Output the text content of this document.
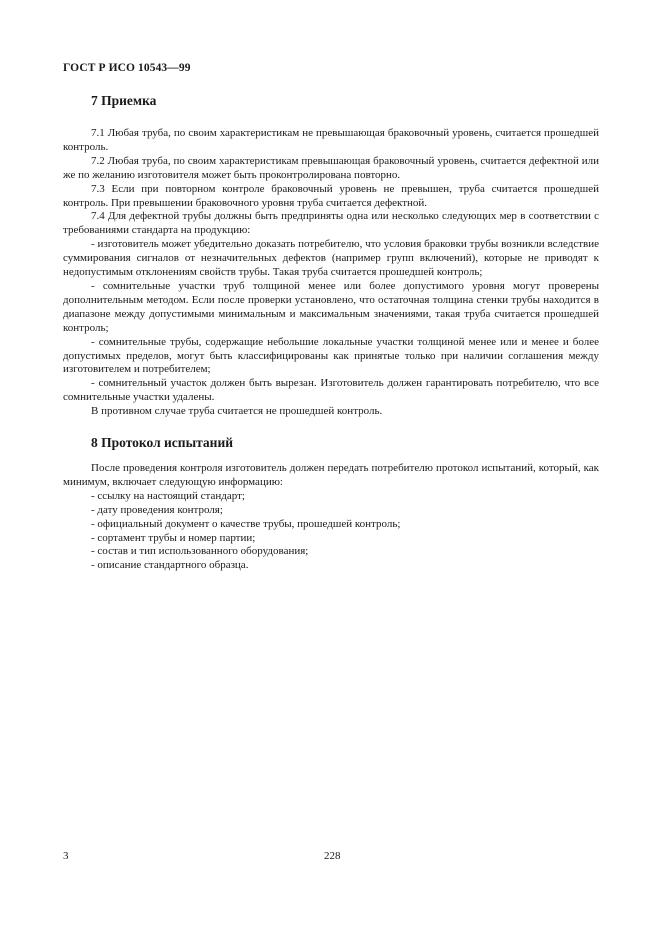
ГОСТ Р ИСО 10543—99
7 Приемка

7.1 Любая труба, по своим характеристикам не превышающая браковочный уровень, считается прошедшей контроль.

7.2 Любая труба, по своим характеристикам превышающая браковочный уровень, считается дефектной или же по желанию изготовителя может быть проконтролирована повторно.

7.3 Если при повторном контроле браковочный уровень не превышен, труба считается прошедшей контроль. При превышении браковочного уровня труба считается дефектной.

7.4 Для дефектной трубы должны быть предприняты одна или несколько следующих мер в соответствии с требованиями стандарта на продукцию:

- изготовитель может убедительно доказать потребителю, что условия браковки трубы возникли вследствие суммирования сигналов от незначительных дефектов (например групп включений), которые не приводят к недопустимым отклонениям свойств трубы. Такая труба считается прошедшей контроль;

- сомнительные участки труб толщиной менее или более допустимого уровня могут проверены дополнительным методом. Если после проверки установлено, что остаточная толщина стенки трубы находится в диапазоне между допустимыми минимальным и максимальным значениями, такая труба считается прошедшей контроль;

- сомнительные трубы, содержащие небольшие локальные участки толщиной менее или и менее и более допустимых пределов, могут быть классифицированы как принятые только при наличии соглашения между изготовителем и потребителем;

- сомнительный участок должен быть вырезан. Изготовитель должен гарантировать потребителю, что все сомнительные участки удалены.

В противном случае труба считается не прошедшей контроль.

8 Протокол испытаний

После проведения контроля изготовитель должен передать потребителю протокол испытаний, который, как минимум, включает следующую информацию:

- ссылку на настоящий стандарт;

- дату проведения контроля;

- официальный документ о качестве трубы, прошедшей контроль;

- сортамент трубы и номер партии;

- состав и тип использованного оборудования;

- описание стандартного образца.

3	228
